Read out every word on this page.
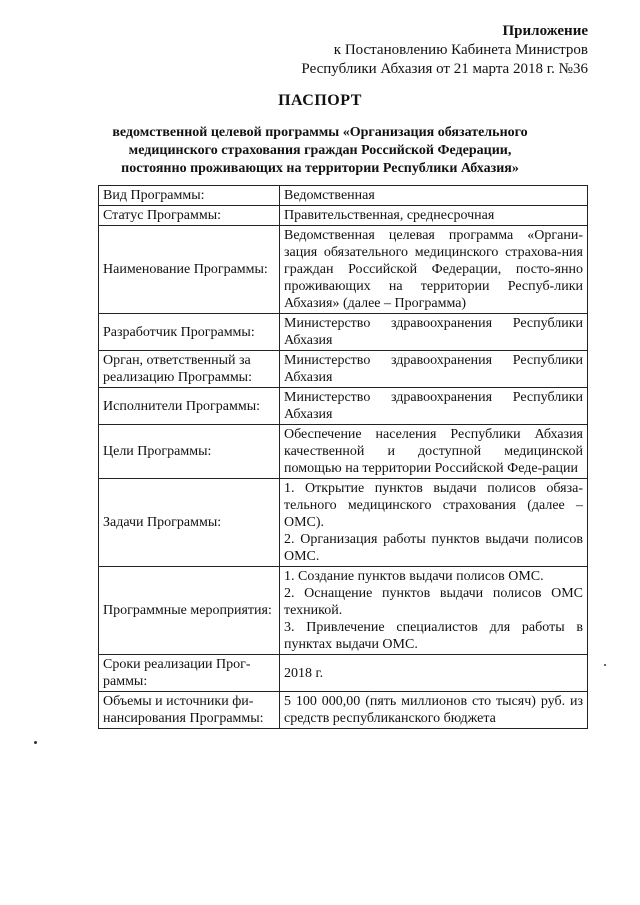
Приложение
к Постановлению Кабинета Министров
Республики Абхазия от 21 марта 2018 г. №36
ПАСПОРТ
ведомственной целевой программы «Организация обязательного
медицинского страхования граждан Российской Федерации,
постоянно проживающих на территории Республики Абхазия»
Вид Программы:	Ведомственная

Статус Программы:	Правительственная, среднесрочная

Наименование Программы:	Ведомственная целевая программа «Органи-зация обязательного медицинского страхова-ния граждан Российской Федерации, посто-янно проживающих на территории Респуб-лики Абхазия» (далее – Программа)

Разработчик Программы:	Министерство здравоохранения Республики Абхазия

Орган, ответственный за реализацию Программы:	Министерство здравоохранения Республики Абхазия

Исполнители Программы:	Министерство здравоохранения Республики Абхазия

Цели Программы:	Обеспечение населения Республики Абхазия качественной и доступной медицинской помощью на территории Российской Феде-рации

Задачи Программы:	1. Открытие пунктов выдачи полисов обяза-тельного медицинского страхования (далее – ОМС).
2. Организация работы пунктов выдачи полисов ОМС.

Программные мероприятия:	1. Создание пунктов выдачи полисов ОМС.
2. Оснащение пунктов выдачи полисов ОМС техникой.
3. Привлечение специалистов для работы в пунктах выдачи ОМС.

Сроки реализации Прог-раммы:	2018 г.

Объемы и источники фи-нансирования Программы:	5 100 000,00 (пять миллионов сто тысяч) руб. из средств республиканского бюджета
